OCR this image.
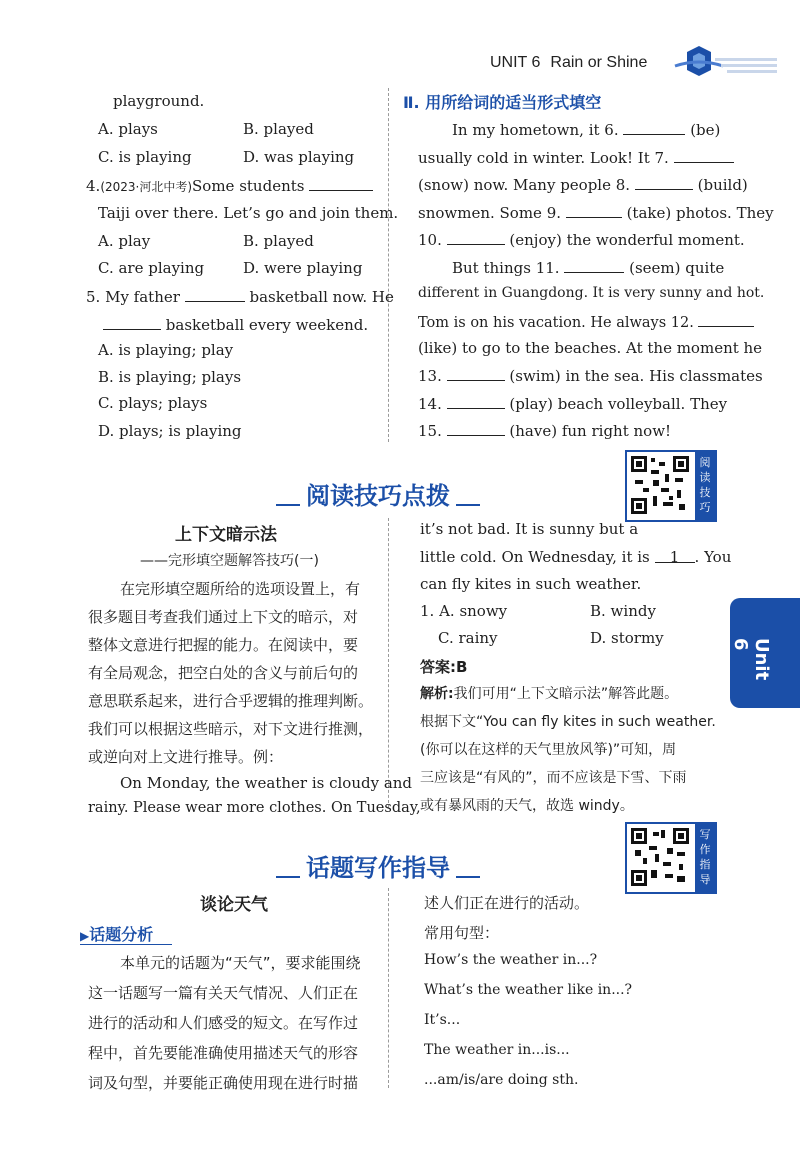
UNIT 6 Rain or Shine
playground.
A. plays	B. played
C. is playing	D. was playing
4.(2023·河北中考)Some students
Taiji over there. Let’s go and join them.
A. play	B. played
C. are playing	D. were playing
5. My father	basketball now. He
basketball every weekend.
A. is playing; play
B. is playing; plays
C. plays; plays
D. plays; is playing
Ⅱ. 用所给词的适当形式填空
In my hometown, it 6.	(be)
usually cold in winter. Look! It 7.
(snow) now. Many people 8.	(build)
snowmen. Some 9.	(take) photos. They
10.	(enjoy) the wonderful moment.
But things 11.	(seem) quite
different in Guangdong. It is very sunny and hot.
Tom is on his vacation. He always 12.
(like) to go to the beaches. At the moment he
13.	(swim) in the sea. His classmates
14.	(play) beach volleyball. They
15.	(have) fun right now!
阅读技巧点拨
阅读技巧
上下文暗示法
——完形填空题解答技巧(一)
在完形填空题所给的选项设置上，有
很多题目考查我们通过上下文的暗示，对
整体文意进行把握的能力。在阅读中，要
有全局观念，把空白处的含义与前后句的
意思联系起来，进行合乎逻辑的推理判断。
我们可以根据这些暗示，对下文进行推测，
或逆向对上文进行推导。例：
On Monday, the weather is cloudy and
rainy. Please wear more clothes. On Tuesday,
it’s not bad. It is sunny but a
little cold. On Wednesday, it is 1 . You
can fly kites in such weather.
1. A. snowy	B. windy
C. rainy	D. stormy
答案:B
解析:我们可用“上下文暗示法”解答此题。
根据下文“You can fly kites in such weather.
(你可以在这样的天气里放风筝)”可知，周
三应该是“有风的”，而不应该是下雪、下雨
或有暴风雨的天气，故选 windy。
Unit 6
话题写作指导
写作指导
谈论天气
▶话题分析
本单元的话题为“天气”，要求能围绕
这一话题写一篇有关天气情况、人们正在
进行的活动和人们感受的短文。在写作过
程中，首先要能准确使用描述天气的形容
词及句型，并要能正确使用现在进行时描
述人们正在进行的活动。
常用句型：
How’s the weather in...?
What’s the weather like in...?
It’s...
The weather in...is...
...am/is/are doing sth.
